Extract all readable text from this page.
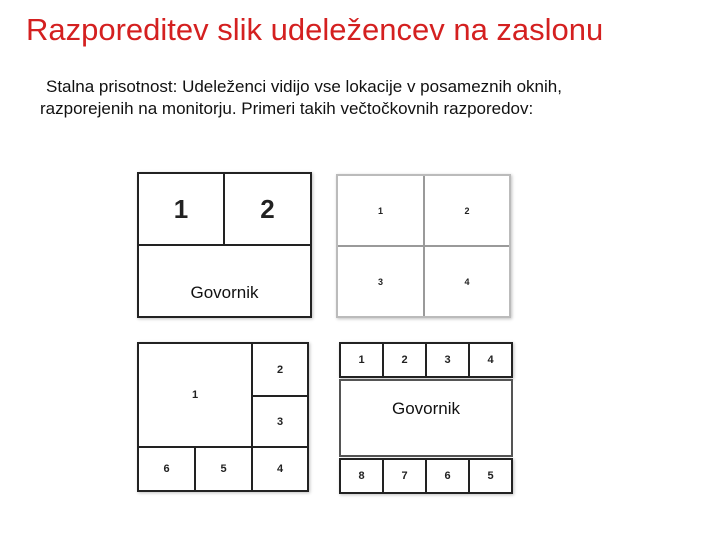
Razporeditev slik udeležencev na zaslonu
Stalna prisotnost: Udeleženci vidijo vse lokacije v posameznih oknih,
razporejenih na monitorju. Primeri takih večtočkovnih razporedov:
1	2
Govornik
1	2
3	4
1
2
3
6	5	4
1	2	3	4
Govornik
8	7	6	5
